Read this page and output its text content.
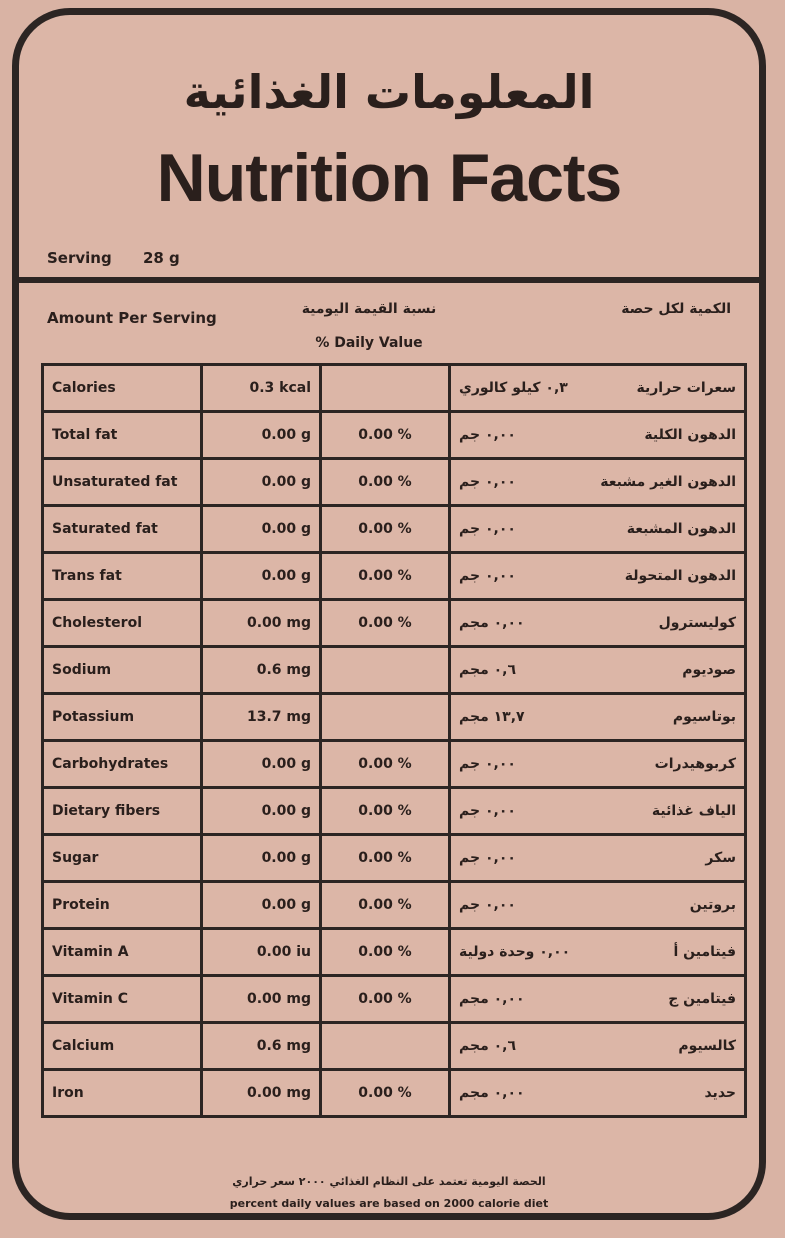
المعلومات الغذائية
Nutrition Facts
Serving 28 g
Amount Per Serving	نسبة القيمة اليومية
% Daily Value
الكمية لكل حصة
Calories	0.3 kcal		سعرات حرارية
٠,٣ كيلو كالوري

Total fat	0.00 g	0.00 %	الدهون الكلية
٠,٠٠ جم

Unsaturated fat	0.00 g	0.00 %	الدهون الغير مشبعة
٠,٠٠ جم

Saturated fat	0.00 g	0.00 %	الدهون المشبعة
٠,٠٠ جم

Trans fat	0.00 g	0.00 %	الدهون المتحولة
٠,٠٠ جم

Cholesterol	0.00 mg	0.00 %	كوليسترول
٠,٠٠ مجم

Sodium	0.6 mg		صوديوم
٠,٦ مجم

Potassium	13.7 mg		بوتاسيوم
١٣,٧ مجم

Carbohydrates	0.00 g	0.00 %	كربوهيدرات
٠,٠٠ جم

Dietary fibers	0.00 g	0.00 %	الياف غذائية
٠,٠٠ جم

Sugar	0.00 g	0.00 %	سكر
٠,٠٠ جم

Protein	0.00 g	0.00 %	بروتين
٠,٠٠ جم

Vitamin A	0.00 iu	0.00 %	فيتامين أ
٠,٠٠ وحدة دولية

Vitamin C	0.00 mg	0.00 %	فيتامين ج
٠,٠٠ مجم

Calcium	0.6 mg		كالسيوم
٠,٦ مجم

Iron	0.00 mg	0.00 %	حديد
٠,٠٠ مجم
الحصة اليومية تعتمد على النظام الغذائي ٢٠٠٠ سعر حراري
percent daily values are based on 2000 calorie diet
